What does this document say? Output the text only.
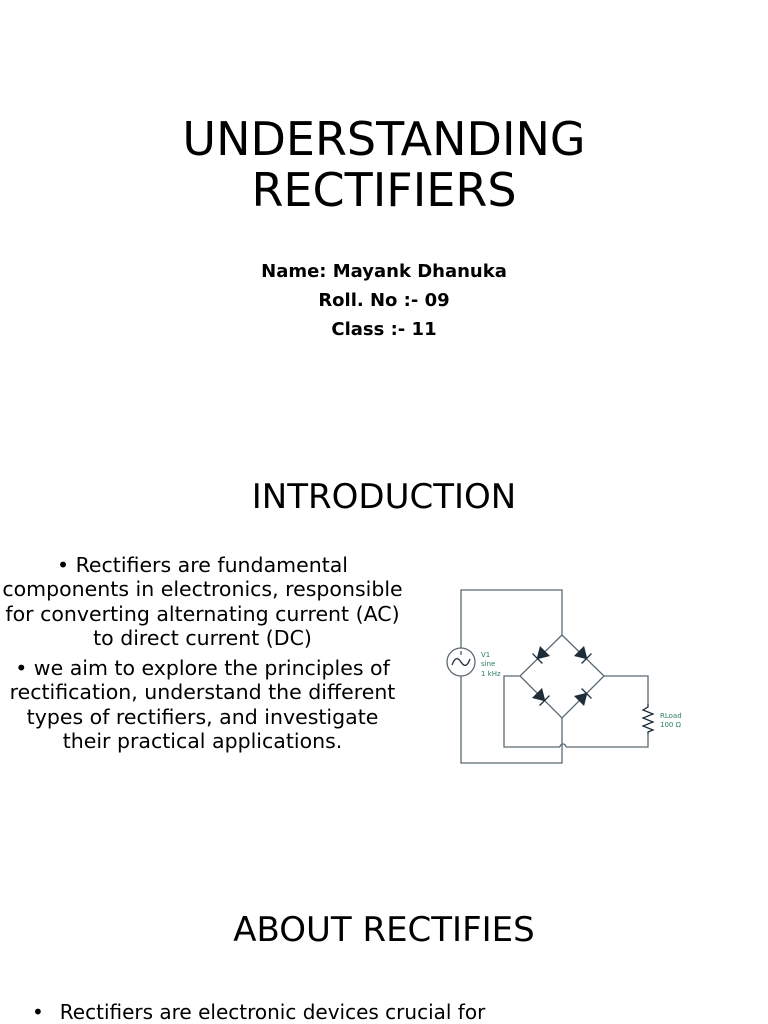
UNDERSTANDING
RECTIFIERS
Name: Mayank Dhanuka
Roll. No :- 09
Class :- 11
INTRODUCTION
• Rectifiers are fundamental components in electronics, responsible for converting alternating current (AC) to direct current (DC)
• we aim to explore the principles of rectification, understand the different types of rectifiers, and investigate their practical applications.
V1
sine
1 kHz
RLoad
100 Ω
ABOUT RECTIFIES
• Rectifiers are electronic devices crucial for
